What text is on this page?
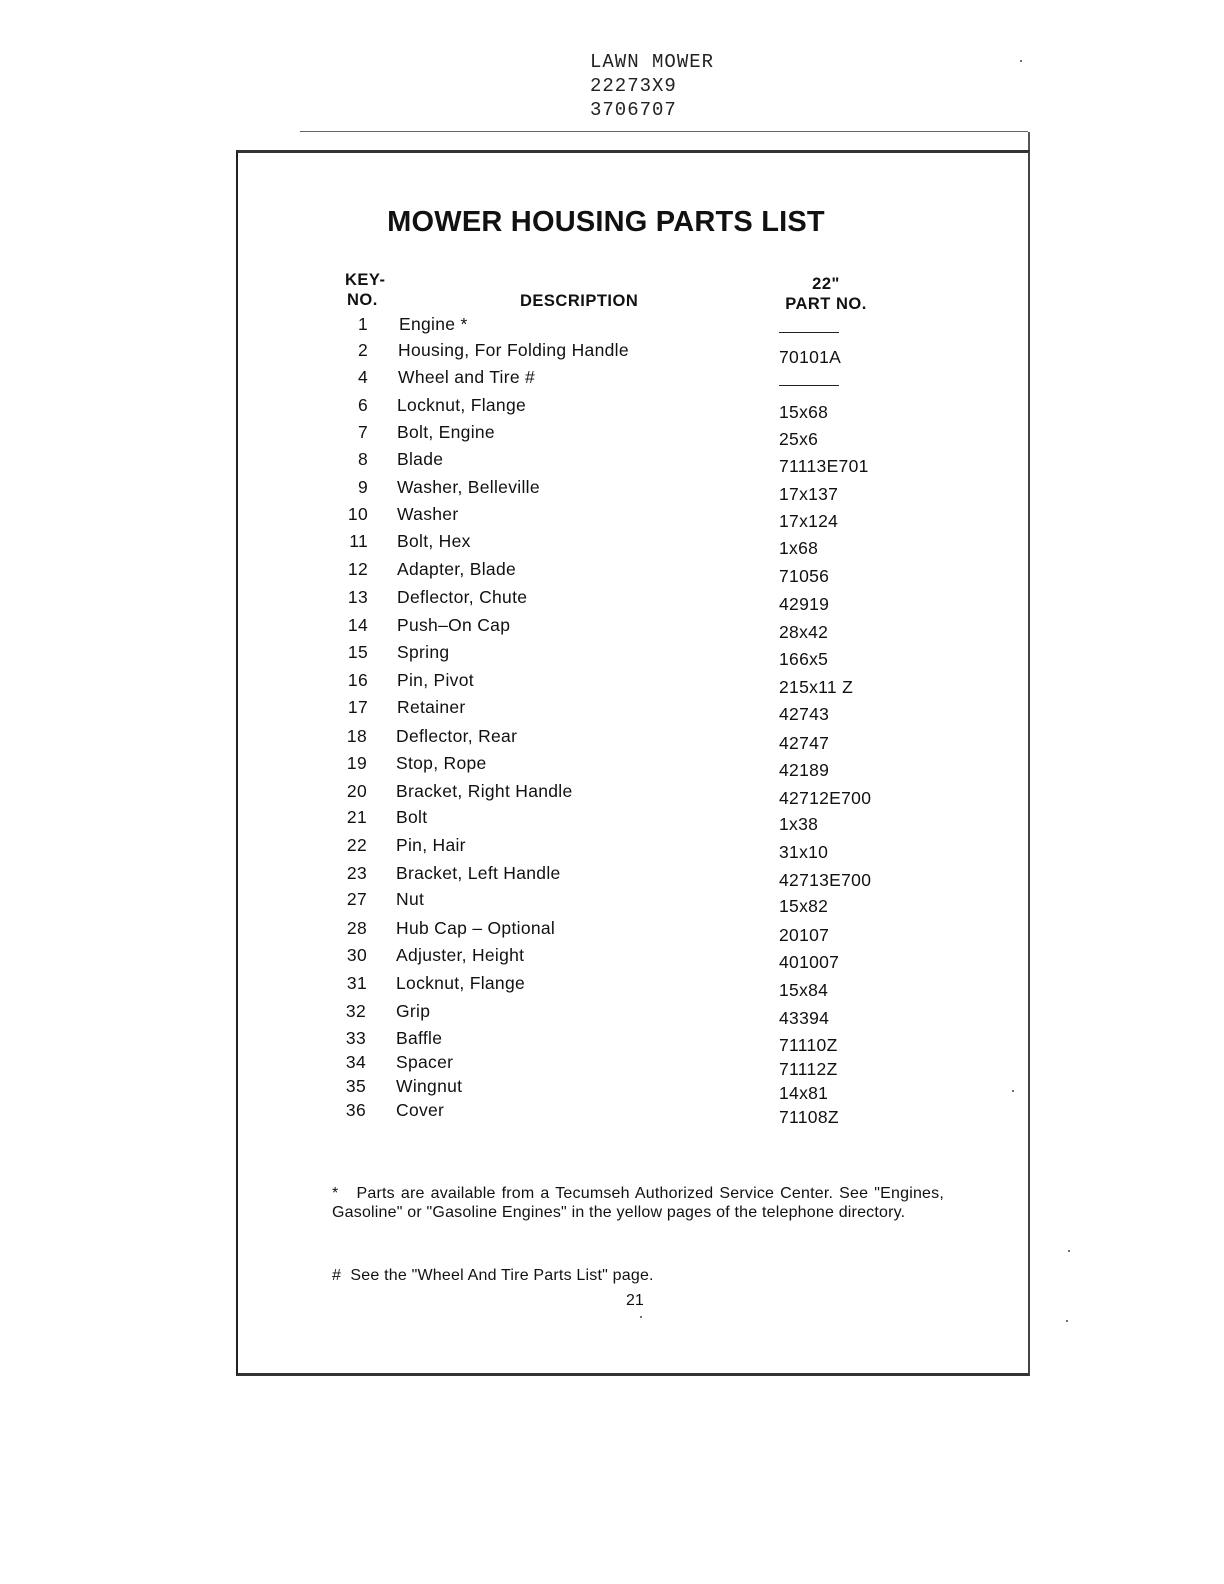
LAWN MOWER
22273X9
3706707
MOWER HOUSING PARTS LIST
KEY-
NO.	DESCRIPTION
22"
PART NO.
1 Engine *
2 Housing, For Folding Handle	70101A
4 Wheel and Tire #
6 Locknut, Flange	15x68
7 Bolt, Engine	25x6
8 Blade	71113E701
9 Washer, Belleville	17x137
10 Washer	17x124
11 Bolt, Hex	1x68
12 Adapter, Blade	71056
13 Deflector, Chute	42919
14 Push–On Cap	28x42
15 Spring	166x5
16 Pin, Pivot	215x11 Z
17 Retainer	42743
18 Deflector, Rear	42747
19 Stop, Rope	42189
20 Bracket, Right Handle	42712E700
21 Bolt	1x38
22 Pin, Hair	31x10
23 Bracket, Left Handle	42713E700
27 Nut	15x82
28 Hub Cap – Optional	20107
30 Adjuster, Height	401007
31 Locknut, Flange	15x84
32 Grip	43394
33 Baffle	71110Z
34 Spacer	71112Z
35 Wingnut	14x81
36 Cover	71108Z
* Parts are available from a Tecumseh Authorized Service Center. See "Engines, Gasoline" or "Gasoline Engines" in the yellow pages of the telephone directory.
# See the "Wheel And Tire Parts List" page.
21
